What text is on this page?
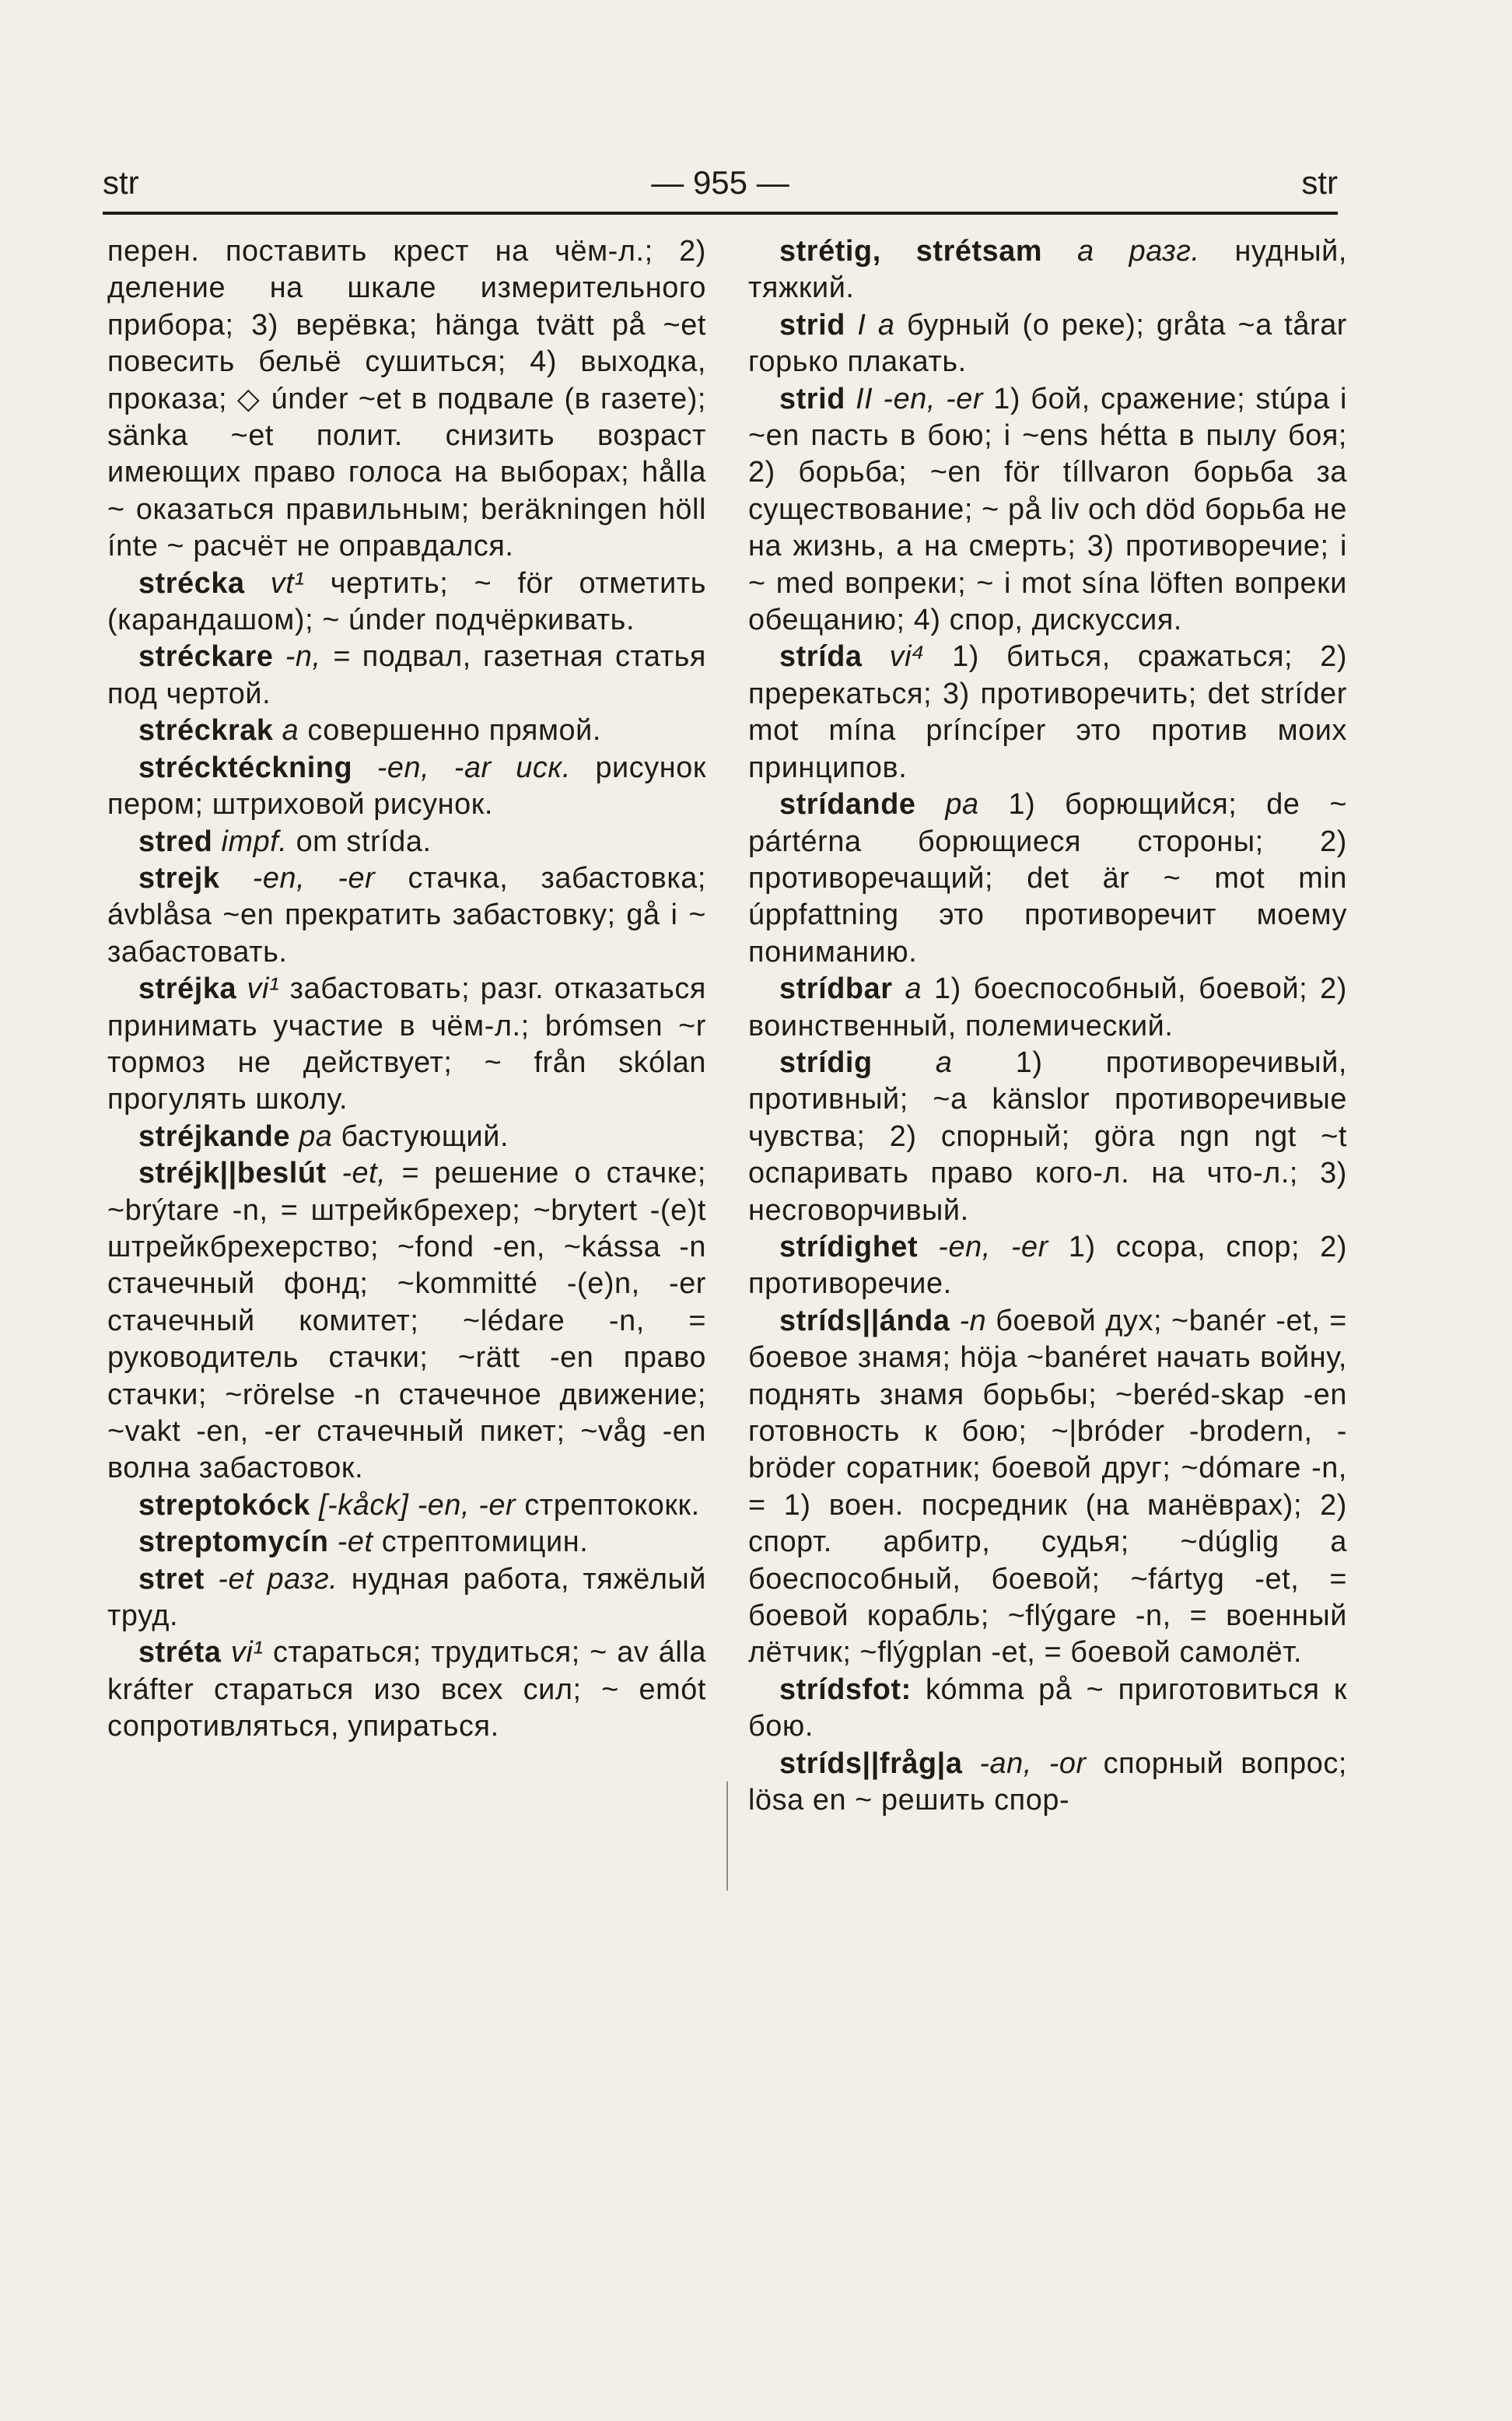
str	— 955 —	str

перен. поставить крест на чём-л.; 2) деление на шкале измерительного прибора; 3) верёвка; hänga tvätt på ~et повесить бельё сушиться; 4) выходка, проказа; ◇ únder ~et в подвале (в газете); sänka ~et полит. снизить возраст имеющих право голоса на выборах; hålla ~ оказаться правильным; beräkningen höll ínte ~ расчёт не оправдался.

strécka vt¹ чертить; ~ för отметить (карандашом); ~ únder подчёркивать.

stréckare -n, = подвал, газетная статья под чертой.

stréckrak a совершенно прямой.

strécktéckning -en, -ar иск. рисунок пером; штриховой рисунок.

stred impf. om strída.

strejk -en, -er стачка, забастовка; ávblåsa ~en прекратить забастовку; gå i ~ забастовать.

stréjka vi¹ забастовать; разг. отказаться принимать участие в чём-л.; brómsen ~r тормоз не действует; ~ från skólan прогулять школу.

stréjkande pa бастующий.

stréjk||beslút -et, = решение о стачке; ~brýtare -n, = штрейкбрехер; ~brytert -(e)t штрейкбрехерство; ~fond -en, ~kássa -n стачечный фонд; ~kommitté -(e)n, -er стачечный комитет; ~lédare -n, = руководитель стачки; ~rätt -en право стачки; ~rörelse -n стачечное движение; ~vakt -en, -er стачечный пикет; ~våg -en волна забастовок.

streptokóck [-kåck] -en, -er стрептококк.

streptomycín -et стрептомицин.

stret -et разг. нудная работа, тяжёлый труд.

stréta vi¹ стараться; трудиться; ~ av álla kráfter стараться изо всех сил; ~ emót сопротивляться, упираться.

strétig, strétsam a разг. нудный, тяжкий.

strid I a бурный (о реке); gråta ~a tårar горько плакать.

strid II -en, -er 1) бой, сражение; stúpa i ~en пасть в бою; i ~ens hétta в пылу боя; 2) борьба; ~en för tíllvaron борьба за существование; ~ på liv och död борьба не на жизнь, а на смерть; 3) противоречие; i ~ med вопреки; ~ i mot sína löften вопреки обещанию; 4) спор, дискуссия.

strída vi⁴ 1) биться, сражаться; 2) пререкаться; 3) противоречить; det stríder mot mína príncíper это против моих принципов.

strídande pa 1) борющийся; de ~ pártérna борющиеся стороны; 2) противоречащий; det är ~ mot min úppfattning это противоречит моему пониманию.

strídbar a 1) боеспособный, боевой; 2) воинственный, полемический.

strídig a 1) противоречивый, противный; ~a känslor противоречивые чувства; 2) спорный; göra ngn ngt ~t оспаривать право кого-л. на что-л.; 3) несговорчивый.

strídighet -en, -er 1) ссора, спор; 2) противоречие.

stríds||ánda -n боевой дух; ~banér -et, = боевое знамя; höja ~banéret начать войну, поднять знамя борьбы; ~beréd-skap -en готовность к бою; ~|bróder -brodern, -bröder соратник; боевой друг; ~dómare -n, = 1) воен. посредник (на манёврах); 2) спорт. арбитр, судья; ~dúglig a боеспособный, боевой; ~fártyg -et, = боевой корабль; ~flýgare -n, = военный лётчик; ~flýgplan -et, = боевой самолёт.

strídsfot: kómma på ~ приготовиться к бою.

stríds||fråg|a -an, -or спорный вопрос; lösa en ~ решить спор-
